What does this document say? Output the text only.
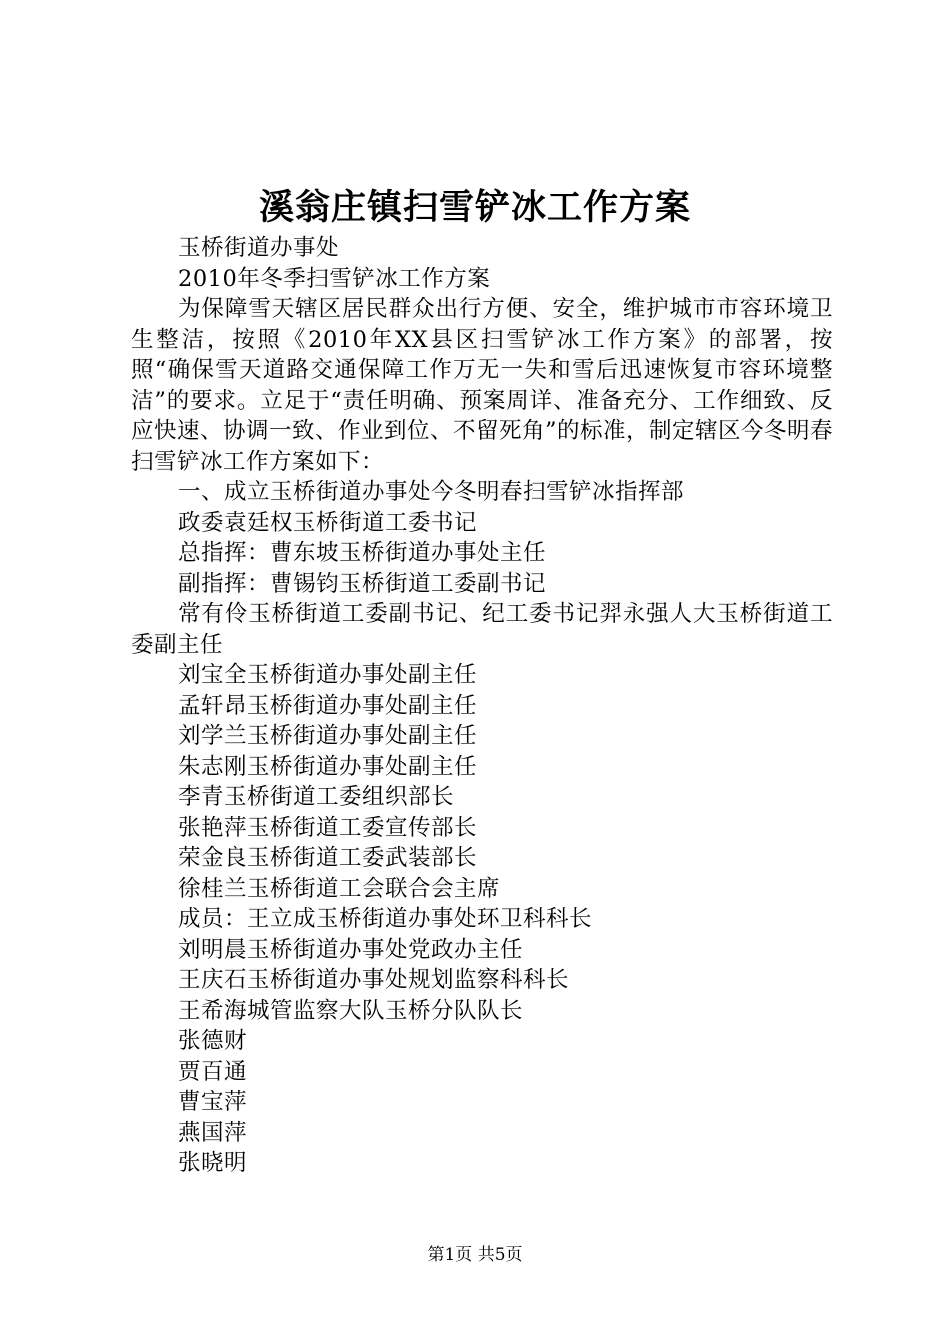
溪翁庄镇扫雪铲冰工作方案

玉桥街道办事处

2010年冬季扫雪铲冰工作方案

为保障雪天辖区居民群众出行方便、安全，维护城市市容环境卫生整洁，按照《2010年XX县区扫雪铲冰工作方案》的部署，按照“确保雪天道路交通保障工作万无一失和雪后迅速恢复市容环境整洁”的要求。立足于“责任明确、预案周详、准备充分、工作细致、反应快速、协调一致、作业到位、不留死角”的标准，制定辖区今冬明春扫雪铲冰工作方案如下：

一、成立玉桥街道办事处今冬明春扫雪铲冰指挥部

政委袁廷权玉桥街道工委书记

总指挥：曹东坡玉桥街道办事处主任

副指挥：曹锡钧玉桥街道工委副书记

常有伶玉桥街道工委副书记、纪工委书记羿永强人大玉桥街道工委副主任

刘宝全玉桥街道办事处副主任

孟轩昂玉桥街道办事处副主任

刘学兰玉桥街道办事处副主任

朱志刚玉桥街道办事处副主任

李青玉桥街道工委组织部长

张艳萍玉桥街道工委宣传部长

荣金良玉桥街道工委武装部长

徐桂兰玉桥街道工会联合会主席

成员：王立成玉桥街道办事处环卫科科长

刘明晨玉桥街道办事处党政办主任

王庆石玉桥街道办事处规划监察科科长

王希海城管监察大队玉桥分队队长

张德财

贾百通

曹宝萍

燕国萍

张晓明

第1页 共5页
